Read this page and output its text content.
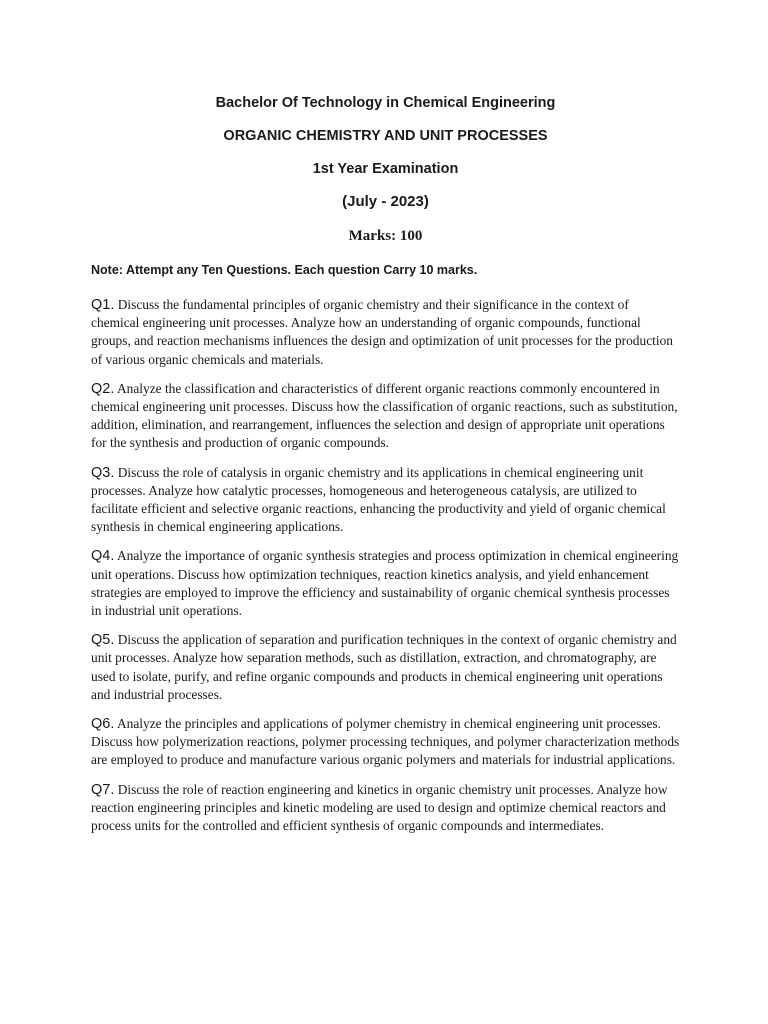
Bachelor Of Technology in Chemical Engineering
ORGANIC CHEMISTRY AND UNIT PROCESSES
1st Year Examination
(July - 2023)
Marks: 100
Note: Attempt any Ten Questions. Each question Carry 10 marks.
Q1. Discuss the fundamental principles of organic chemistry and their significance in the context of chemical engineering unit processes. Analyze how an understanding of organic compounds, functional groups, and reaction mechanisms influences the design and optimization of unit processes for the production of various organic chemicals and materials.
Q2. Analyze the classification and characteristics of different organic reactions commonly encountered in chemical engineering unit processes. Discuss how the classification of organic reactions, such as substitution, addition, elimination, and rearrangement, influences the selection and design of appropriate unit operations for the synthesis and production of organic compounds.
Q3. Discuss the role of catalysis in organic chemistry and its applications in chemical engineering unit processes. Analyze how catalytic processes, homogeneous and heterogeneous catalysis, are utilized to facilitate efficient and selective organic reactions, enhancing the productivity and yield of organic chemical synthesis in chemical engineering applications.
Q4. Analyze the importance of organic synthesis strategies and process optimization in chemical engineering unit operations. Discuss how optimization techniques, reaction kinetics analysis, and yield enhancement strategies are employed to improve the efficiency and sustainability of organic chemical synthesis processes in industrial unit operations.
Q5. Discuss the application of separation and purification techniques in the context of organic chemistry and unit processes. Analyze how separation methods, such as distillation, extraction, and chromatography, are used to isolate, purify, and refine organic compounds and products in chemical engineering unit operations and industrial processes.
Q6. Analyze the principles and applications of polymer chemistry in chemical engineering unit processes. Discuss how polymerization reactions, polymer processing techniques, and polymer characterization methods are employed to produce and manufacture various organic polymers and materials for industrial applications.
Q7. Discuss the role of reaction engineering and kinetics in organic chemistry unit processes. Analyze how reaction engineering principles and kinetic modeling are used to design and optimize chemical reactors and process units for the controlled and efficient synthesis of organic compounds and intermediates.
